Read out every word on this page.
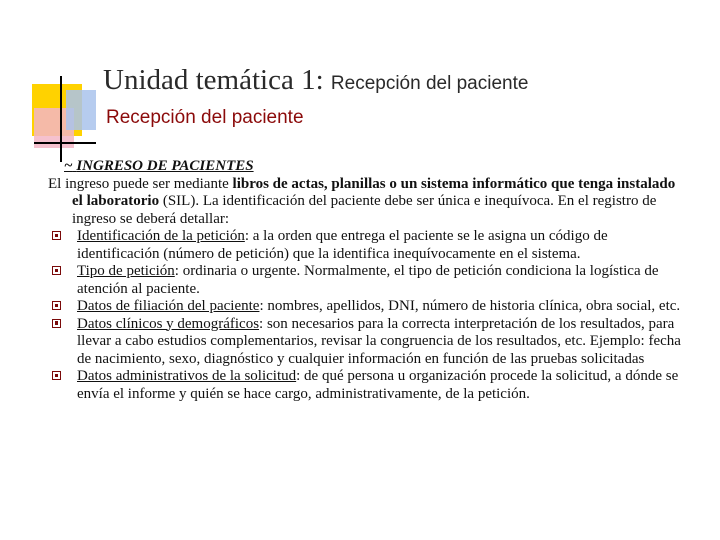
Unidad temática 1: Recepción del paciente
Recepción del paciente
~ INGRESO DE PACIENTES
El ingreso puede ser mediante libros de actas, planillas o un sistema informático que tenga instalado el laboratorio (SIL). La identificación del paciente debe ser única e inequívoca. En el registro de ingreso se deberá detallar:
Identificación de la petición: a la orden que entrega el paciente se le asigna un código de identificación (número de petición) que la identifica inequívocamente en el sistema.
Tipo de petición: ordinaria o urgente. Normalmente, el tipo de petición condiciona la logística de atención al paciente.
Datos de filiación del paciente: nombres, apellidos, DNI, número de historia clínica, obra social, etc.
Datos clínicos y demográficos: son necesarios para la correcta interpretación de los resultados, para llevar a cabo estudios complementarios, revisar la congruencia de los resultados, etc. Ejemplo: fecha de nacimiento, sexo, diagnóstico y cualquier información en función de las pruebas solicitadas
Datos administrativos de la solicitud: de qué persona u organización procede la solicitud, a dónde se envía el informe y quién se hace cargo, administrativamente, de la petición.
